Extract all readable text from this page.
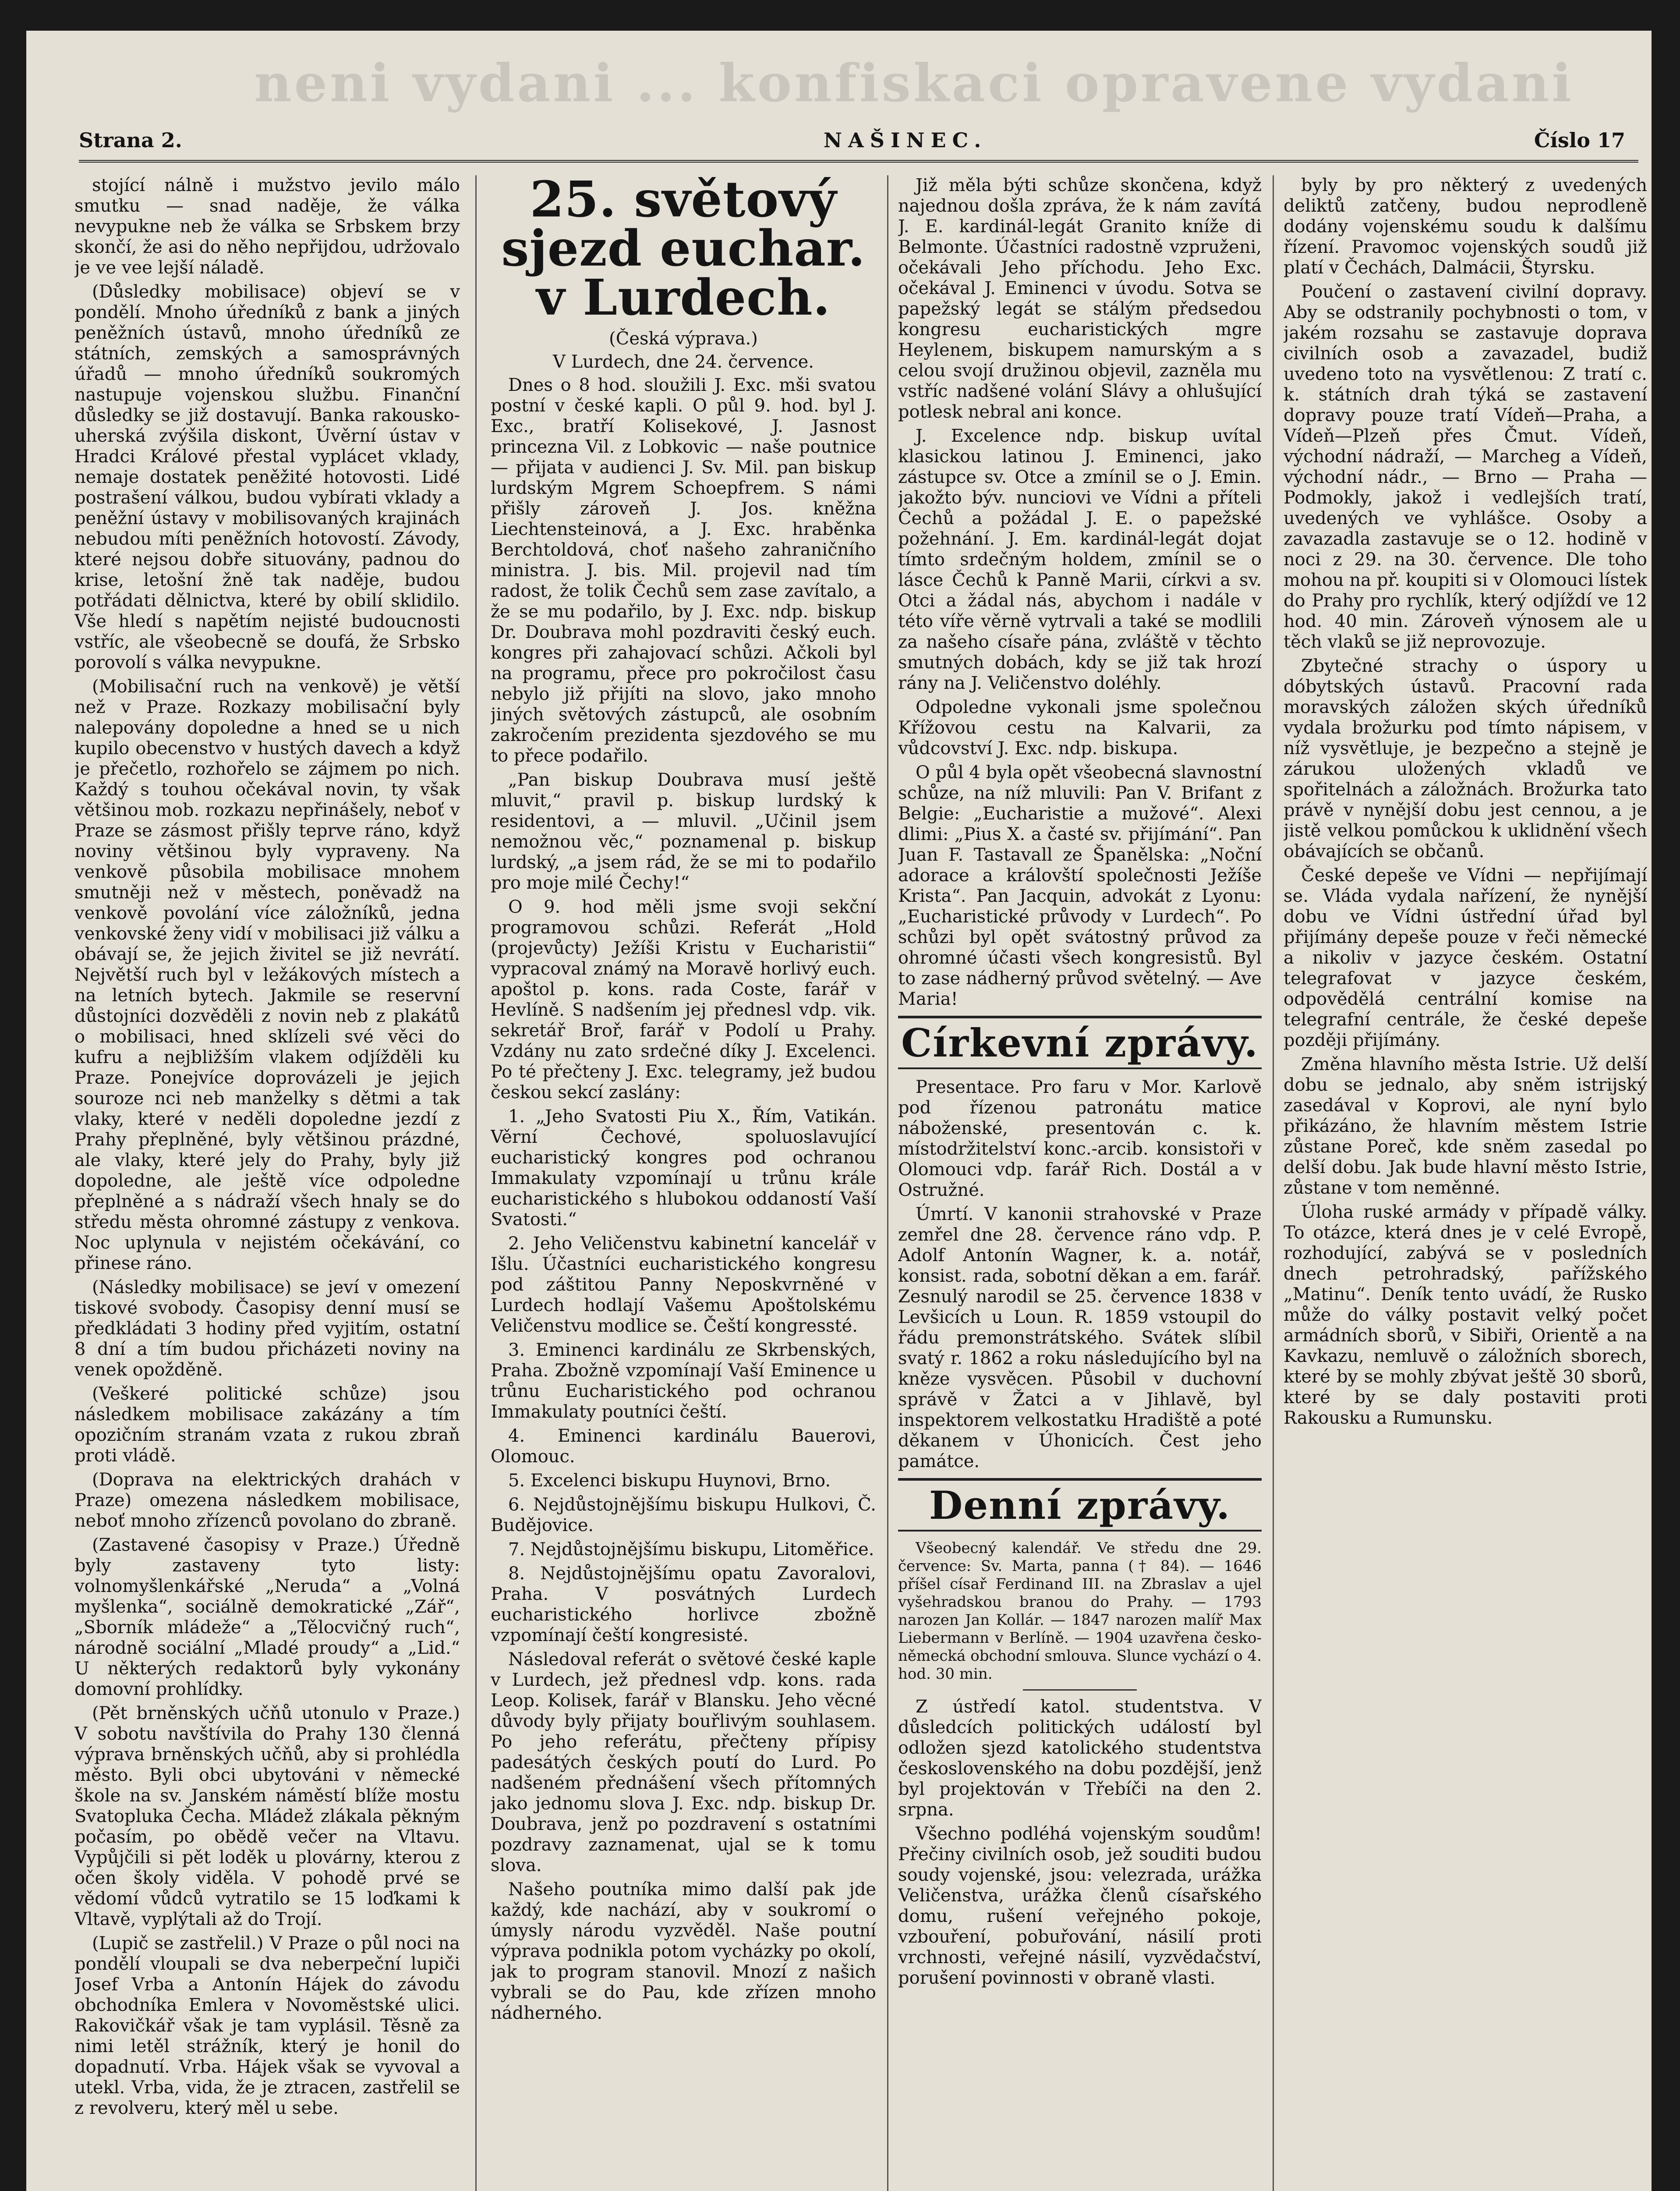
neni vydani ... konfiskaci opravene vydani
Strana 2.	NAŠINEC.	Číslo 17

stojící nálně i mužstvo jevilo málo smutku — snad naděje, že válka nevypukne neb že válka se Srbskem brzy skončí, že asi do něho nepřijdou, udržovalo je ve vee lejší náladě.

(Důsledky mobilisace) objeví se v pondělí. Mnoho úředníků z bank a jiných peněžních ústavů, mnoho úředníků ze státních, zemských a samosprávných úřadů — mnoho úředníků soukromých nastupuje vojenskou službu. Finanční důsledky se již dostavují. Banka rakousko-uherská zvýšila diskont, Úvěrní ústav v Hradci Králové přestal vyplácet vklady, nemaje dostatek peněžité hotovosti. Lidé postrašení válkou, budou vybírati vklady a peněžní ústavy v mobilisovaných krajinách nebudou míti peněžních hotovostí. Závody, které nejsou dobře situovány, padnou do krise, letošní žně tak naděje, budou potřádati dělnictva, které by obilí sklidilo. Vše hledí s napětím nejisté budoucnosti vstříc, ale všeobecně se doufá, že Srbsko porovolí s válka nevypukne.

(Mobilisační ruch na venkově) je větší než v Praze. Rozkazy mobilisační byly nalepovány dopoledne a hned se u nich kupilo obecenstvo v hustých davech a když je přečetlo, rozhořelo se zájmem po nich. Každý s touhou očekával novin, ty však většinou mob. rozkazu nepřinášely, neboť v Praze se zásmost přišly teprve ráno, když noviny většinou byly vypraveny. Na venkově působila mobilisace mnohem smutněji než v městech, poněvadž na venkově povolání více záložníků, jedna venkovské ženy vidí v mobilisaci již válku a obávají se, že jejich živitel se již nevrátí. Největší ruch byl v ležákových místech a na letních bytech. Jakmile se reservní důstojníci dozvěděli z novin neb z plakátů o mobilisaci, hned sklízeli své věci do kufru a nejbližším vlakem odjížděli ku Praze. Ponejvíce doprovázeli je jejich souroze nci neb manželky s dětmi a tak vlaky, které v neděli dopoledne jezdí z Prahy přeplněné, byly většinou prázdné, ale vlaky, které jely do Prahy, byly již dopoledne, ale ještě více odpoledne přeplněné a s nádraží všech hnaly se do středu města ohromné zástupy z venkova. Noc uplynula v nejistém očekávání, co přinese ráno.

(Následky mobilisace) se jeví v omezení tiskové svobody. Časopisy denní musí se předkládati 3 hodiny před vyjitím, ostatní 8 dní a tím budou přicházeti noviny na venek opožděně.

(Veškeré politické schůze) jsou následkem mobilisace zakázány a tím opozičním stranám vzata z rukou zbraň proti vládě.

(Doprava na elektrických drahách v Praze) omezena následkem mobilisace, neboť mnoho zřízenců povolano do zbraně.

(Zastavené časopisy v Praze.) Úředně byly zastaveny tyto listy: volnomyšlenkářské „Neruda“ a „Volná myšlenka“, sociálně demokratické „Zář“, „Sborník mládeže“ a „Tělocvičný ruch“, národně sociální „Mladé proudy“ a „Lid.“ U některých redaktorů byly vykonány domovní prohlídky.

(Pět brněnských učňů utonulo v Praze.) V sobotu navštívila do Prahy 130 členná výprava brněnských učňů, aby si prohlédla město. Byli obci ubytováni v německé škole na sv. Janském náměstí blíže mostu Svatopluka Čecha. Mládež zlákala pěkným počasím, po obědě večer na Vltavu. Vypůjčili si pět loděk u plovárny, kterou z očen školy viděla. V pohodě prvé se vědomí vůdců vytratilo se 15 loďkami k Vltavě, vyplýtali až do Trojí.

(Lupič se zastřelil.) V Praze o půl noci na pondělí vloupali se dva neberpeční lupiči Josef Vrba a Antonín Hájek do závodu obchodníka Emlera v Novoměstské ulici. Rakovičkář však je tam vyplásil. Těsně za nimi letěl strážník, který je honil do dopadnutí. Vrba. Hájek však se vyvoval a utekl. Vrba, vida, že je ztracen, zastřelil se z revolveru, který měl u sebe.

25. světový sjezd euchar. v Lurdech.

(Česká výprava.)

V Lurdech, dne 24. července.

Dnes o 8 hod. sloužili J. Exc. mši svatou postní v české kapli. O půl 9. hod. byl J. Exc., bratří Kolisekové, J. Jasnost princezna Vil. z Lobkovic — naše poutnice — přijata v audienci J. Sv. Mil. pan biskup lurdským Mgrem Schoepfrem. S námi přišly zároveň J. Jos. kněžna Liechtensteinová, a J. Exc. hraběnka Berchtoldová, choť našeho zahraničního ministra. J. bis. Mil. projevil nad tím radost, že tolik Čechů sem zase zavítalo, a že se mu podařilo, by J. Exc. ndp. biskup Dr. Doubrava mohl pozdraviti český euch. kongres při zahajovací schůzi. Ačkoli byl na programu, přece pro pokročilost času nebylo již přijíti na slovo, jako mnoho jiných světových zástupců, ale osobním zakročením prezidenta sjezdového se mu to přece podařilo.

„Pan biskup Doubrava musí ještě mluvit,“ pravil p. biskup lurdský k residentovi, a — mluvil. „Učinil jsem nemožnou věc,“ poznamenal p. biskup lurdský, „a jsem rád, že se mi to podařilo pro moje milé Čechy!“

O 9. hod měli jsme svoji sekční programovou schůzi. Referát „Hold (projevůcty) Ježíši Kristu v Eucharistii“ vypracoval známý na Moravě horlivý euch. apoštol p. kons. rada Coste, farář v Hevlíně. S nadšením jej přednesl vdp. vik. sekretář Broř, farář v Podolí u Prahy. Vzdány nu zato srdečné díky J. Excelenci. Po té přečteny J. Exc. telegramy, jež budou českou sekcí zaslány:

1. „Jeho Svatosti Piu X., Řím, Vatikán. Věrní Čechové, spoluoslavující eucharistický kongres pod ochranou Immakulaty vzpomínají u trůnu krále eucharistického s hlubokou oddaností Vaší Svatosti.“

2. Jeho Veličenstvu kabinetní kancelář v Išlu. Účastníci eucharistického kongresu pod záštitou Panny Neposkvrněné v Lurdech hodlají Vašemu Apoštolskému Veličenstvu modlice se. Čeští kongressté.

3. Eminenci kardinálu ze Skrbenských, Praha. Zbožně vzpomínají Vaší Eminence u trůnu Eucharistického pod ochranou Immakulaty poutníci čeští.

4. Eminenci kardinálu Bauerovi, Olomouc.

5. Excelenci biskupu Huynovi, Brno.

6. Nejdůstojnějšímu biskupu Hulkovi, Č. Budějovice.

7. Nejdůstojnějšímu biskupu, Litoměřice.

8. Nejdůstojnějšímu opatu Zavoralovi, Praha. V posvátných Lurdech eucharistického horlivce zbožně vzpomínají čeští kongresisté.

Následoval referát o světové české kaple v Lurdech, jež přednesl vdp. kons. rada Leop. Kolisek, farář v Blansku. Jeho věcné důvody byly přijaty bouřlivým souhlasem. Po jeho referátu, přečteny přípisy padesátých českých poutí do Lurd. Po nadšeném přednášení všech přítomných jako jednomu slova J. Exc. ndp. biskup Dr. Doubrava, jenž po pozdravení s ostatními pozdravy zaznamenat, ujal se k tomu slova.

Našeho poutníka mimo další pak jde každý, kde nachází, aby v soukromí o úmysly národu vyzvěděl. Naše poutní výprava podnikla potom vycházky po okolí, jak to program stanovil. Mnozí z našich vybrali se do Pau, kde zřízen mnoho nádherného.

Již měla býti schůze skončena, když najednou došla zpráva, že k nám zavítá J. E. kardinál-legát Granito kníže di Belmonte. Účastníci radostně vzpruženi, očekávali Jeho příchodu. Jeho Exc. očekával J. Eminenci v úvodu. Sotva se papežský legát se stálým předsedou kongresu eucharistických mgre Heylenem, biskupem namurským a s celou svojí družinou objevil, zazněla mu vstříc nadšené volání Slávy a ohlušující potlesk nebral ani konce.

J. Excelence ndp. biskup uvítal klasickou latinou J. Eminenci, jako zástupce sv. Otce a zmínil se o J. Emin. jakožto býv. nunciovi ve Vídni a příteli Čechů a požádal J. E. o papežské požehnání. J. Em. kardinál-legát dojat tímto srdečným holdem, zmínil se o lásce Čechů k Panně Marii, církvi a sv. Otci a žádal nás, abychom i nadále v této víře věrně vytrvali a také se modlili za našeho císaře pána, zvláště v těchto smutných dobách, kdy se již tak hrozí rány na J. Veličenstvo doléhly.

Odpoledne vykonali jsme společnou Křížovou cestu na Kalvarii, za vůdcovství J. Exc. ndp. biskupa.

O půl 4 byla opět všeobecná slavnostní schůze, na níž mluvili: Pan V. Brifant z Belgie: „Eucharistie a mužové“. Alexi dlimi: „Pius X. a časté sv. přijímání“. Pan Juan F. Tastavall ze Španělska: „Noční adorace a královští společnosti Ježíše Krista“. Pan Jacquin, advokát z Lyonu: „Eucharistické průvody v Lurdech“. Po schůzi byl opět svátostný průvod za ohromné účasti všech kongresistů. Byl to zase nádherný průvod světelný. — Ave Maria!

Církevní zprávy.

Presentace. Pro faru v Mor. Karlově pod řízenou patronátu matice náboženské, presentován c. k. místodržitelství konc.-arcib. konsistoři v Olomouci vdp. farář Rich. Dostál a v Ostružné.

Úmrtí. V kanonii strahovské v Praze zemřel dne 28. července ráno vdp. P. Adolf Antonín Wagner, k. a. notář, konsist. rada, sobotní děkan a em. farář. Zesnulý narodil se 25. července 1838 v Levšicích u Loun. R. 1859 vstoupil do řádu premonstrátského. Svátek slíbil svatý r. 1862 a roku následujícího byl na kněze vysvěcen. Působil v duchovní správě v Žatci a v Jihlavě, byl inspektorem velkostatku Hradiště a poté děkanem v Úhonicích. Čest jeho památce.

Denní zprávy.

Všeobecný kalendář. Ve středu dne 29. července: Sv. Marta, panna († 84). — 1646 příšel císař Ferdinand III. na Zbraslav a ujel vyšehradskou branou do Prahy. — 1793 narozen Jan Kollár. — 1847 narozen malíř Max Liebermann v Berlíně. — 1904 uzavřena česko-německá obchodní smlouva. Slunce vychází o 4. hod. 30 min.

Z ústředí katol. studentstva. V důsledcích politických událostí byl odložen sjezd katolického studentstva československého na dobu pozdější, jenž byl projektován v Třebíči na den 2. srpna.

Všechno podléhá vojenským soudům! Přečiny civilních osob, jež souditi budou soudy vojenské, jsou: velezrada, urážka Veličenstva, urážka členů císařského domu, rušení veřejného pokoje, vzbouření, pobuřování, násilí proti vrchnosti, veřejné násilí, vyzvědačství, porušení povinnosti v obraně vlasti.

byly by pro některý z uvedených deliktů zatčeny, budou neprodleně dodány vojenskému soudu k dalšímu řízení. Pravomoc vojenských soudů již platí v Čechách, Dalmácii, Štyrsku.

Poučení o zastavení civilní dopravy. Aby se odstranily pochybnosti o tom, v jakém rozsahu se zastavuje doprava civilních osob a zavazadel, budiž uvedeno toto na vysvětlenou: Z tratí c. k. státních drah týká se zastavení dopravy pouze tratí Vídeň—Praha, a Vídeň—Plzeň přes Čmut. Vídeň, východní nádraží, — Marcheg a Vídeň, východní nádr., — Brno — Praha — Podmokly, jakož i vedlejších tratí, uvedených ve vyhlášce. Osoby a zavazadla zastavuje se o 12. hodině v noci z 29. na 30. července. Dle toho mohou na př. koupiti si v Olomouci lístek do Prahy pro rychlík, který odjíždí ve 12 hod. 40 min. Zároveň výnosem ale u těch vlaků se již neprovozuje.

Zbytečné strachy o úspory u dóbytských ústavů. Pracovní rada moravských záložen ských úředníků vydala brožurku pod tímto nápisem, v níž vysvětluje, je bezpečno a stejně je zárukou uložených vkladů ve spořitelnách a záložnách. Brožurka tato právě v nynější dobu jest cennou, a je jistě velkou pomůckou k uklidnění všech obávajících se občanů.

České depeše ve Vídni — nepřijímají se. Vláda vydala nařízení, že nynější dobu ve Vídni ústřední úřad byl přijímány depeše pouze v řeči německé a nikoliv v jazyce českém. Ostatní telegrafovat v jazyce českém, odpovědělá centrální komise na telegrafní centrále, že české depeše později přijímány.

Změna hlavního města Istrie. Už delší dobu se jednalo, aby sněm istrijský zasedával v Koprovi, ale nyní bylo přikázáno, že hlavním městem Istrie zůstane Poreč, kde sněm zasedal po delší dobu. Jak bude hlavní město Istrie, zůstane v tom neměnné.

Úloha ruské armády v případě války. To otázce, která dnes je v celé Evropě, rozhodující, zabývá se v posledních dnech petrohradský, pařížského „Matinu“. Deník tento uvádí, že Rusko může do války postavit velký počet armádních sborů, v Sibiři, Orientě a na Kavkazu, nemluvě o záložních sborech, které by se mohly zbývat ještě 30 sborů, které by se daly postaviti proti Rakousku a Rumunsku.
